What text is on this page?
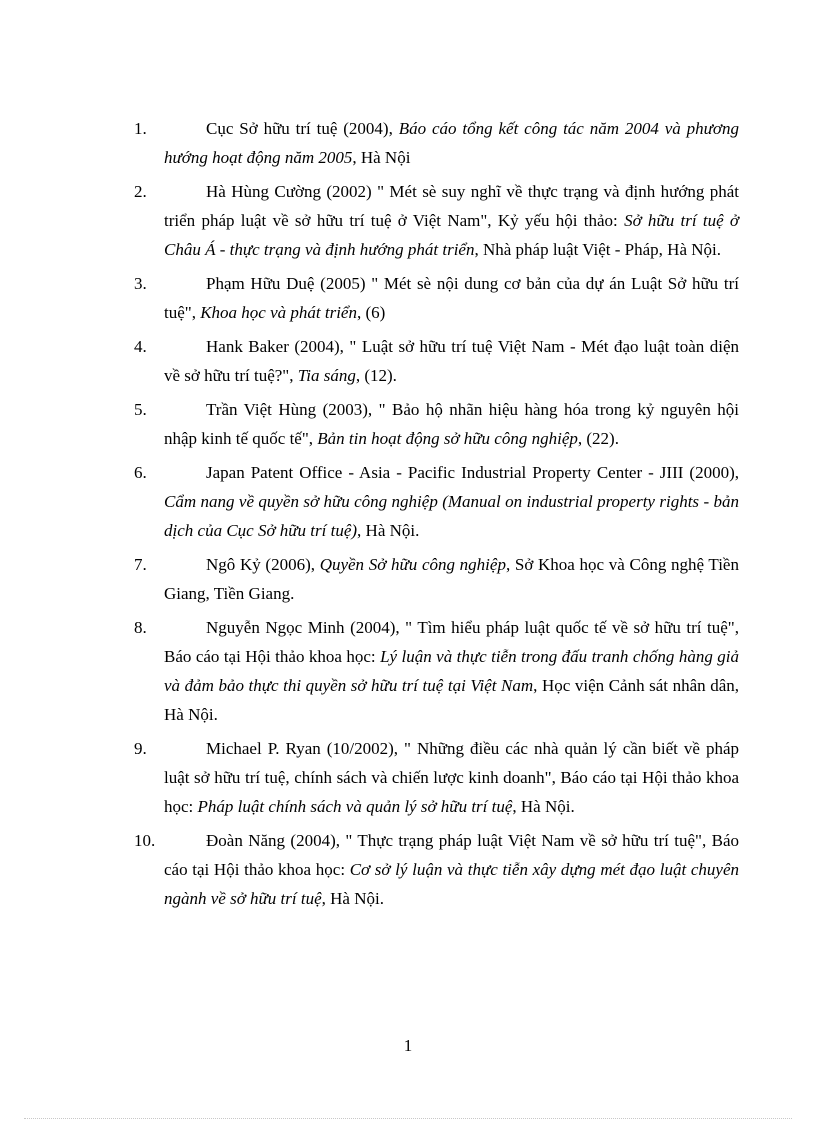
1.	Cục Sở hữu trí tuệ (2004), Báo cáo tổng kết công tác năm 2004 và phương hướng hoạt động năm 2005, Hà Nội
2.	Hà Hùng Cường (2002) " Mét sè suy nghĩ về thực trạng và định hướng phát triển pháp luật về sở hữu trí tuệ ở Việt Nam", Kỷ yếu hội thảo: Sở hữu trí tuệ ở Châu Á - thực trạng và định hướng phát triển, Nhà pháp luật Việt - Pháp, Hà Nội.
3.	Phạm Hữu Duệ (2005) " Mét sè nội dung cơ bản của dự án Luật Sở hữu trí tuệ", Khoa học và phát triển, (6)
4.	Hank Baker (2004), " Luật sở hữu trí tuệ Việt Nam - Mét đạo luật toàn diện về sở hữu trí tuệ?", Tia sáng, (12).
5.	Trần Việt Hùng (2003), " Bảo hộ nhãn hiệu hàng hóa trong kỷ nguyên hội nhập kinh tế quốc tế", Bản tin hoạt động sở hữu công nghiệp, (22).
6.	Japan Patent Office - Asia - Pacific Industrial Property Center - JIII (2000), Cẩm nang về quyền sở hữu công nghiệp (Manual on industrial property rights - bản dịch của Cục Sở hữu trí tuệ), Hà Nội.
7.	Ngô Kỷ (2006), Quyền Sở hữu công nghiệp, Sở Khoa học và Công nghệ Tiền Giang, Tiền Giang.
8.	Nguyễn Ngọc Minh (2004), " Tìm hiểu pháp luật quốc tế về sở hữu trí tuệ", Báo cáo tại Hội thảo khoa học: Lý luận và thực tiễn trong đấu tranh chống hàng giả và đảm bảo thực thi quyền sở hữu trí tuệ tại Việt Nam, Học viện Cảnh sát nhân dân, Hà Nội.
9.	Michael P. Ryan (10/2002), " Những điều các nhà quản lý cần biết về pháp luật sở hữu trí tuệ, chính sách và chiến lược kinh doanh", Báo cáo tại Hội thảo khoa học: Pháp luật chính sách và quản lý sở hữu trí tuệ, Hà Nội.
10.	Đoàn Năng (2004), " Thực trạng pháp luật Việt Nam về sở hữu trí tuệ", Báo cáo tại Hội thảo khoa học: Cơ sở lý luận và thực tiễn xây dựng mét đạo luật chuyên ngành về sở hữu trí tuệ, Hà Nội.
1
